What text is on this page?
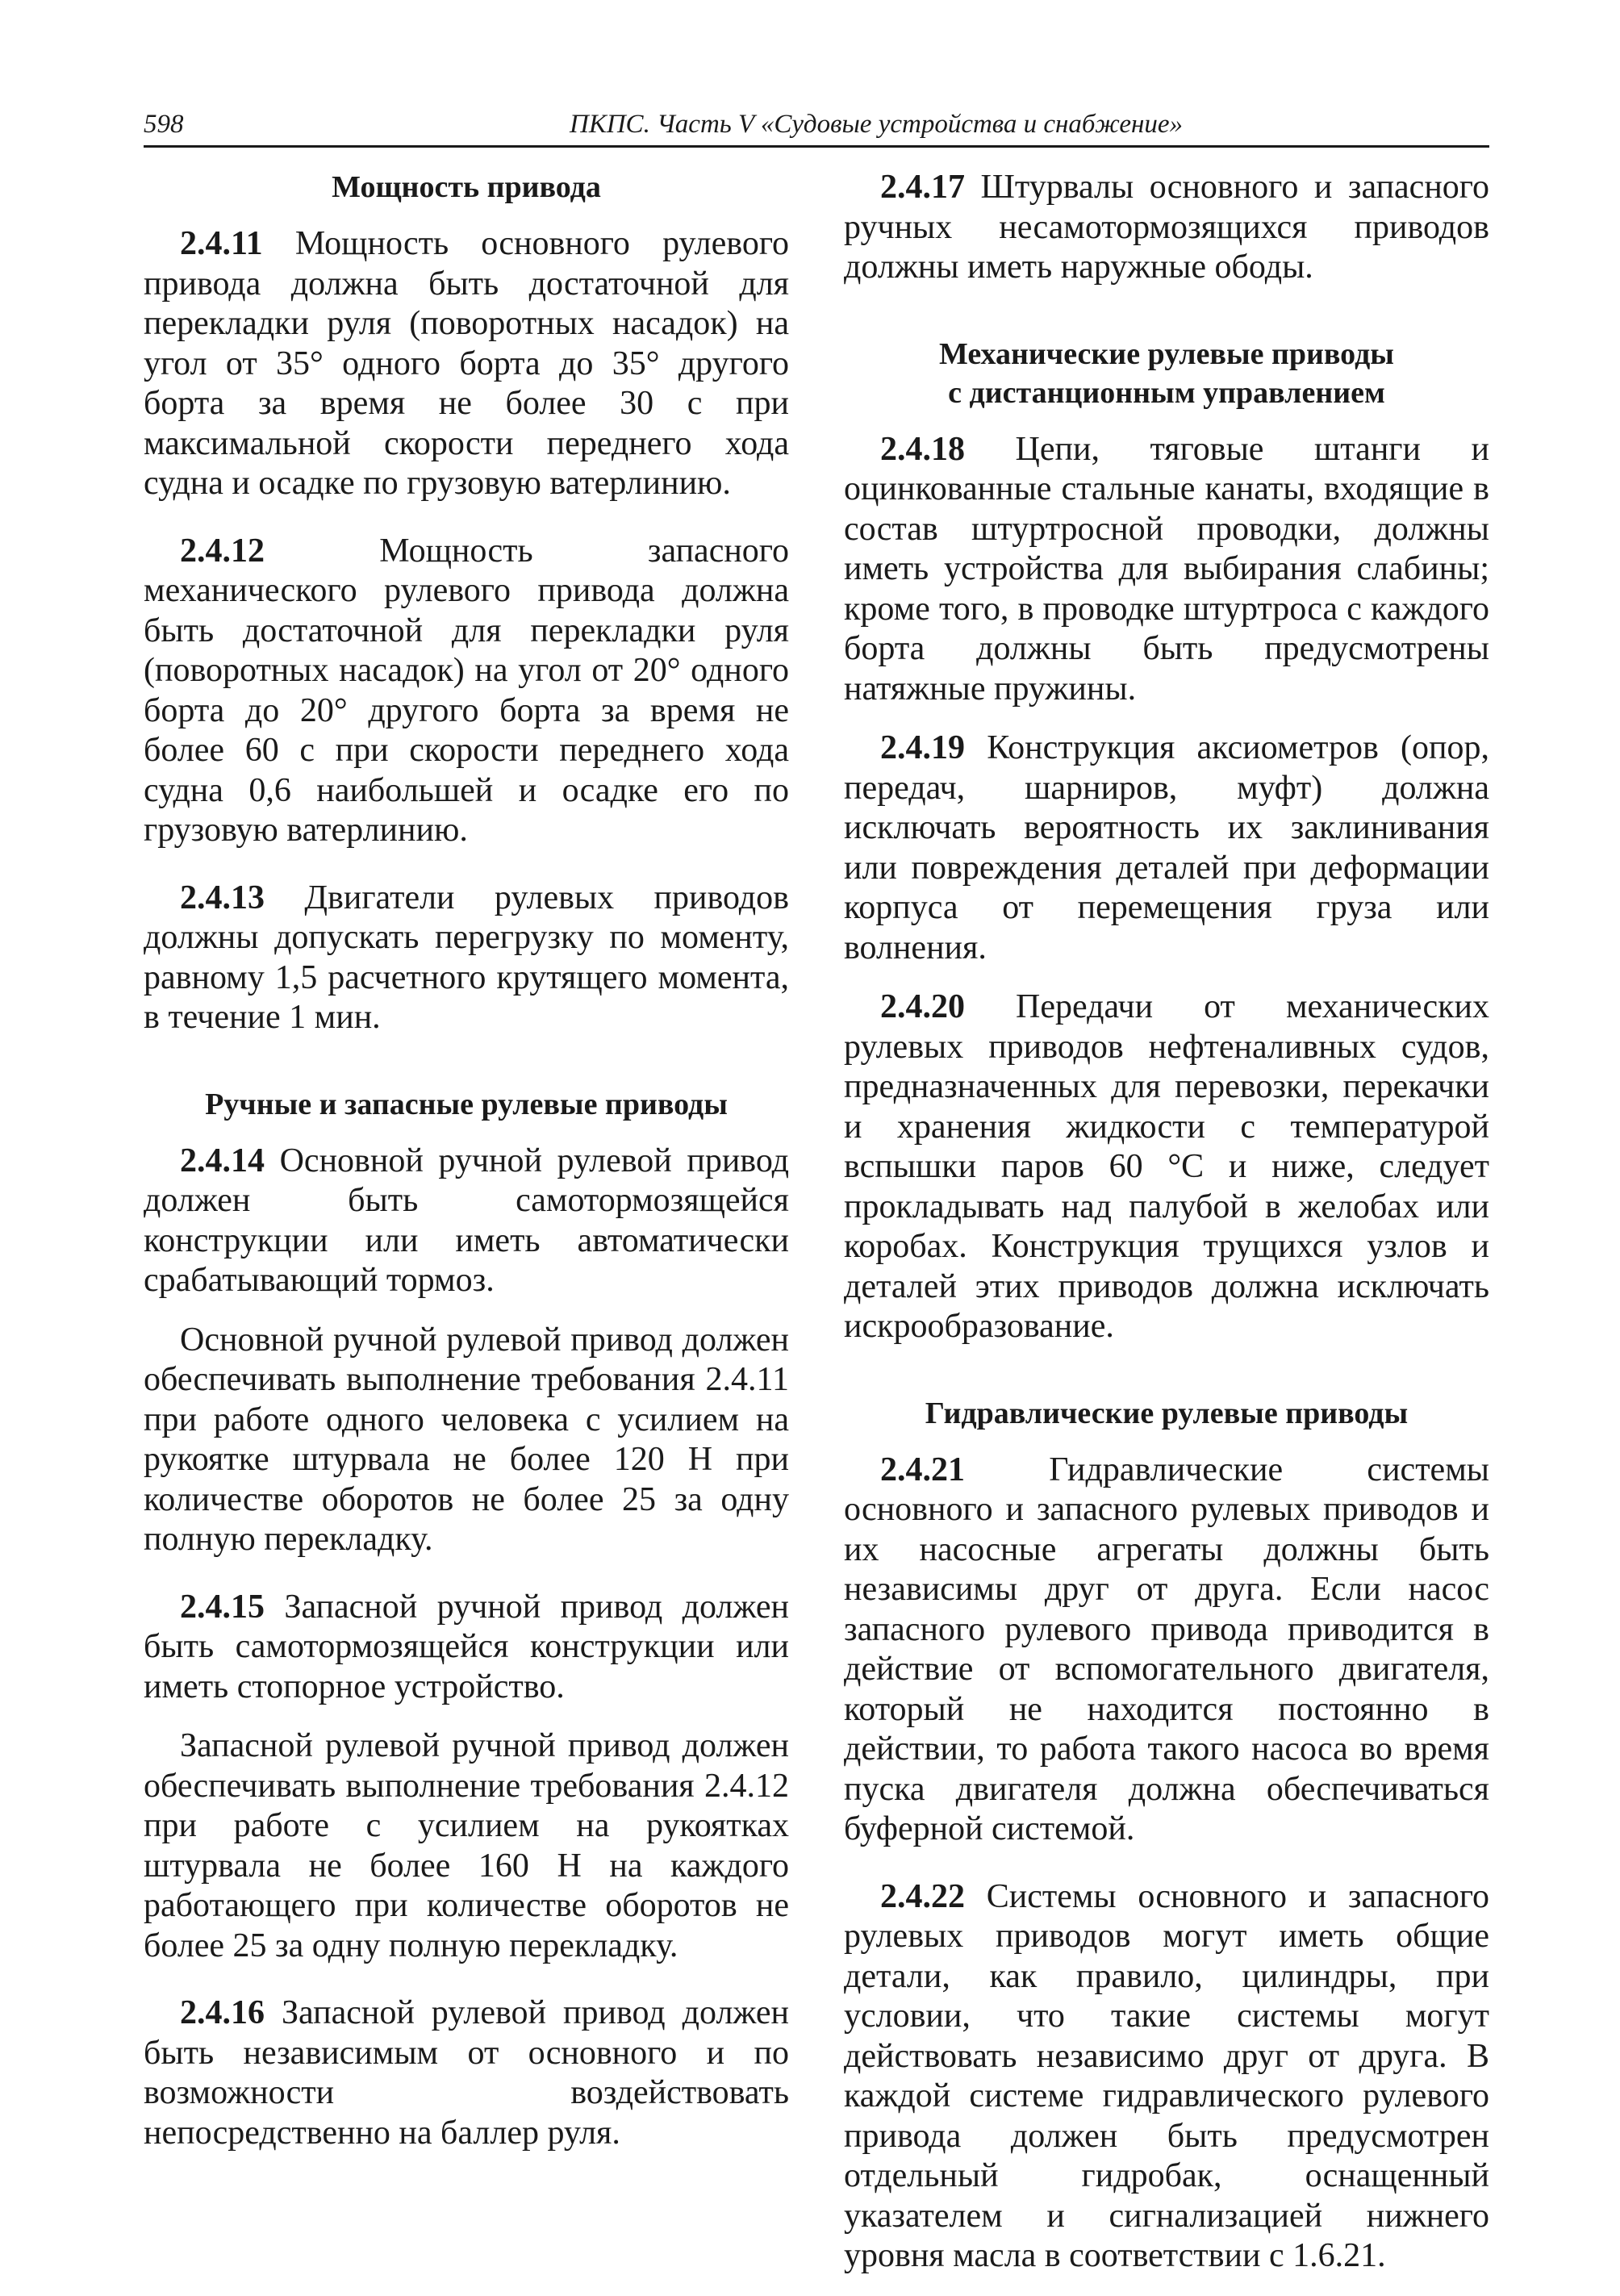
598	ПКПС. Часть V «Судовые устройства и снабжение»
Мощность привода

2.4.11 Мощность основного рулевого привода должна быть достаточной для перекладки руля (поворотных насадок) на угол от 35° одного борта до 35° другого борта за время не более 30 с при максимальной скорости переднего хода судна и осадке по грузовую ватерлинию.

2.4.12 Мощность запасного механического рулевого привода должна быть достаточной для перекладки руля (поворотных насадок) на угол от 20° одного борта до 20° другого борта за время не более 60 с при скорости переднего хода судна 0,6 наибольшей и осадке его по грузовую ватерлинию.

2.4.13 Двигатели рулевых приводов должны допускать перегрузку по моменту, равному 1,5 расчетного крутящего момента, в течение 1 мин.

Ручные и запасные рулевые приводы

2.4.14 Основной ручной рулевой привод должен быть самотормозящейся конструкции или иметь автоматически срабатывающий тормоз.

Основной ручной рулевой привод должен обеспечивать выполнение требования 2.4.11 при работе одного человека с усилием на рукоятке штурвала не более 120 Н при количестве оборотов не более 25 за одну полную перекладку.

2.4.15 Запасной ручной привод должен быть самотормозящейся конструкции или иметь стопорное устройство.

Запасной рулевой ручной привод должен обеспечивать выполнение требования 2.4.12 при работе с усилием на рукоятках штурвала не более 160 Н на каждого работающего при количестве оборотов не более 25 за одну полную перекладку.

2.4.16 Запасной рулевой привод должен быть независимым от основного и по возможности воздействовать непосредственно на баллер руля.

2.4.17 Штурвалы основного и запасного ручных несамотормозящихся приводов должны иметь наружные ободы.

Механические рулевые приводы
с дистанционным управлением

2.4.18 Цепи, тяговые штанги и оцинкованные стальные канаты, входящие в состав штуртросной проводки, должны иметь устройства для выбирания слабины; кроме того, в проводке штуртроса с каждого борта должны быть предусмотрены натяжные пружины.

2.4.19 Конструкция аксиометров (опор, передач, шарниров, муфт) должна исключать вероятность их заклинивания или повреждения деталей при деформации корпуса от перемещения груза или волнения.

2.4.20 Передачи от механических рулевых приводов нефтеналивных судов, предназначенных для перевозки, перекачки и хранения жидкости с температурой вспышки паров 60 °С и ниже, следует прокладывать над палубой в желобах или коробах. Конструкция трущихся узлов и деталей этих приводов должна исключать искрообразование.

Гидравлические рулевые приводы

2.4.21 Гидравлические системы основного и запасного рулевых приводов и их насосные агрегаты должны быть независимы друг от друга. Если насос запасного рулевого привода приводится в действие от вспомогательного двигателя, который не находится постоянно в действии, то работа такого насоса во время пуска двигателя должна обеспечиваться буферной системой.

2.4.22 Системы основного и запасного рулевых приводов могут иметь общие детали, как правило, цилиндры, при условии, что такие системы могут действовать независимо друг от друга. В каждой системе гидравлического рулевого привода должен быть предусмотрен отдельный гидробак, оснащенный указателем и сигнализацией нижнего уровня масла в соответствии с 1.6.21.
